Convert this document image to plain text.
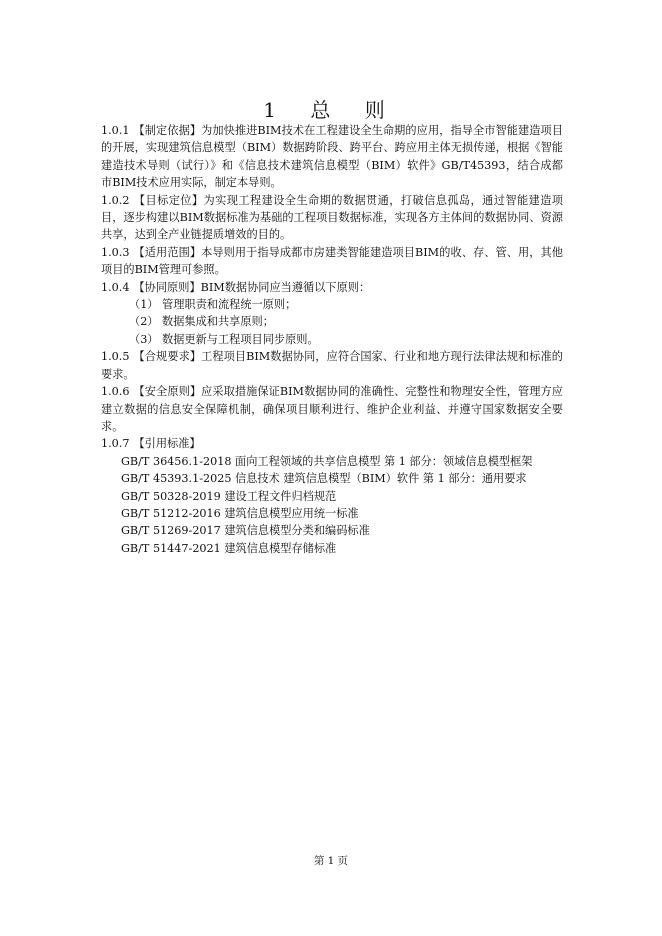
1 总 则

1.0.1 【制定依据】为加快推进BIM技术在工程建设全生命期的应用，指导全市智能建造项目的开展，实现建筑信息模型（BIM）数据跨阶段、跨平台、跨应用主体无损传递，根据《智能建造技术导则（试行）》和《信息技术建筑信息模型（BIM）软件》GB/T45393，结合成都市BIM技术应用实际，制定本导则。

1.0.2 【目标定位】为实现工程建设全生命期的数据贯通，打破信息孤岛，通过智能建造项目，逐步构建以BIM数据标准为基础的工程项目数据标准，实现各方主体间的数据协同、资源共享，达到全产业链提质增效的目的。

1.0.3 【适用范围】本导则用于指导成都市房建类智能建造项目BIM的收、存、管、用，其他项目的BIM管理可参照。

1.0.4 【协同原则】BIM数据协同应当遵循以下原则：

（1） 管理职责和流程统一原则；

（2） 数据集成和共享原则；

（3） 数据更新与工程项目同步原则。

1.0.5 【合规要求】工程项目BIM数据协同，应符合国家、行业和地方现行法律法规和标准的要求。

1.0.6 【安全原则】应采取措施保证BIM数据协同的准确性、完整性和物理安全性，管理方应建立数据的信息安全保障机制，确保项目顺利进行、维护企业利益、并遵守国家数据安全要求。

1.0.7 【引用标准】

GB/T 36456.1-2018 面向工程领域的共享信息模型 第 1 部分：领域信息模型框架

GB/T 45393.1-2025 信息技术 建筑信息模型（BIM）软件 第 1 部分：通用要求

GB/T 50328-2019 建设工程文件归档规范

GB/T 51212-2016 建筑信息模型应用统一标准

GB/T 51269-2017 建筑信息模型分类和编码标准

GB/T 51447-2021 建筑信息模型存储标准

第 1 页
